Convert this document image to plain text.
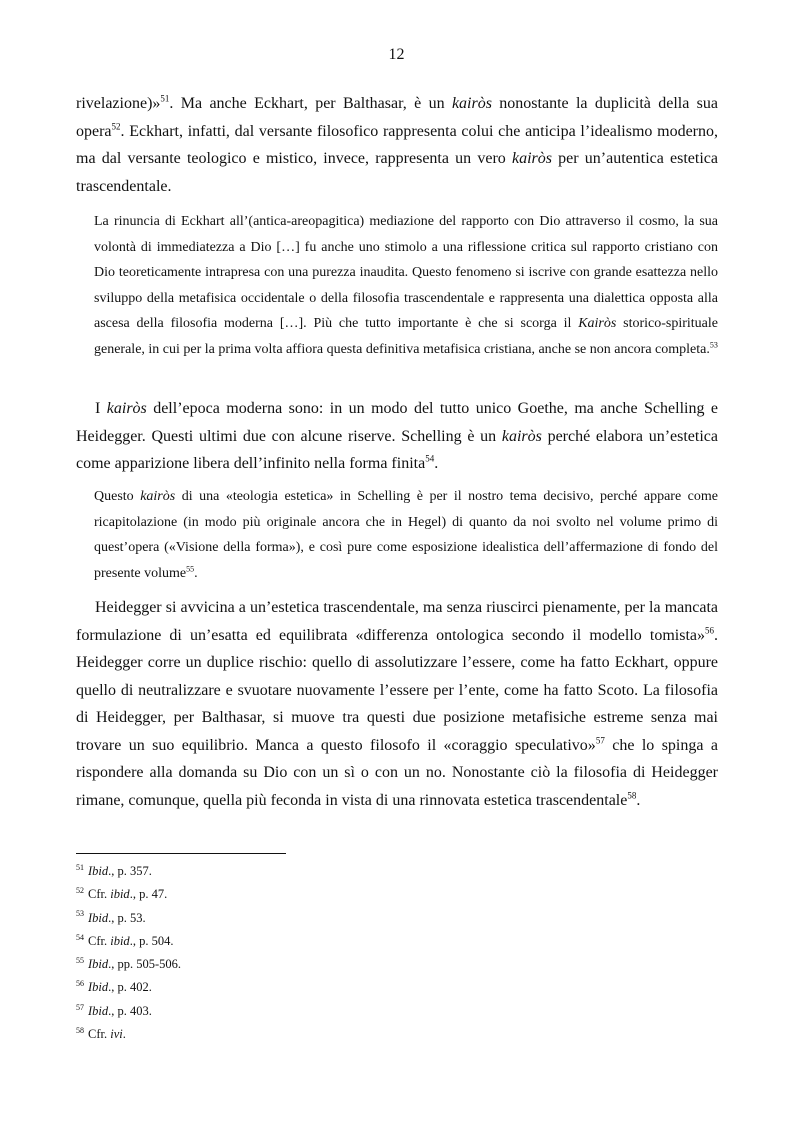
12

rivelazione)»$^{51}$. Ma anche Eckhart, per Balthasar, è un kairòs nonostante la duplicità della sua opera$^{52}$. Eckhart, infatti, dal versante filosofico rappresenta colui che anticipa l’idealismo moderno, ma dal versante teologico e mistico, invece, rappresenta un vero kairòs per un’autentica estetica trascendentale.

La rinuncia di Eckhart all’(antica-areopagitica) mediazione del rapporto con Dio attraverso il cosmo, la sua volontà di immediatezza a Dio […] fu anche uno stimolo a una riflessione critica sul rapporto cristiano con Dio teoreticamente intrapresa con una purezza inaudita. Questo fenomeno si iscrive con grande esattezza nello sviluppo della metafisica occidentale o della filosofia trascendentale e rappresenta una dialettica opposta alla ascesa della filosofia moderna […]. Più che tutto importante è che si scorga il Kairòs storico-spirituale generale, in cui per la prima volta affiora questa definitiva metafisica cristiana, anche se non ancora completa.$^{53}$

I kairòs dell’epoca moderna sono: in un modo del tutto unico Goethe, ma anche Schelling e Heidegger. Questi ultimi due con alcune riserve. Schelling è un kairòs perché elabora un’estetica come apparizione libera dell’infinito nella forma finita$^{54}$.

Questo kairòs di una «teologia estetica» in Schelling è per il nostro tema decisivo, perché appare come ricapitolazione (in modo più originale ancora che in Hegel) di quanto da noi svolto nel volume primo di quest’opera («Visione della forma»), e così pure come esposizione idealistica dell’affermazione di fondo del presente volume$^{55}$.

Heidegger si avvicina a un’estetica trascendentale, ma senza riuscirci pienamente, per la mancata formulazione di un’esatta ed equilibrata «differenza ontologica secondo il modello tomista»$^{56}$. Heidegger corre un duplice rischio: quello di assolutizzare l’essere, come ha fatto Eckhart, oppure quello di neutralizzare e svuotare nuovamente l’essere per l’ente, come ha fatto Scoto. La filosofia di Heidegger, per Balthasar, si muove tra questi due posizione metafisiche estreme senza mai trovare un suo equilibrio. Manca a questo filosofo il «coraggio speculativo»$^{57}$ che lo spinga a rispondere alla domanda su Dio con un sì o con un no. Nonostante ciò la filosofia di Heidegger rimane, comunque, quella più feconda in vista di una rinnovata estetica trascendentale$^{58}$.

$^{51}$ Ibid., p. 357.
$^{52}$ Cfr. ibid., p. 47.
$^{53}$ Ibid., p. 53.
$^{54}$ Cfr. ibid., p. 504.
$^{55}$ Ibid., pp. 505-506.
$^{56}$ Ibid., p. 402.
$^{57}$ Ibid., p. 403.
$^{58}$ Cfr. ivi.
